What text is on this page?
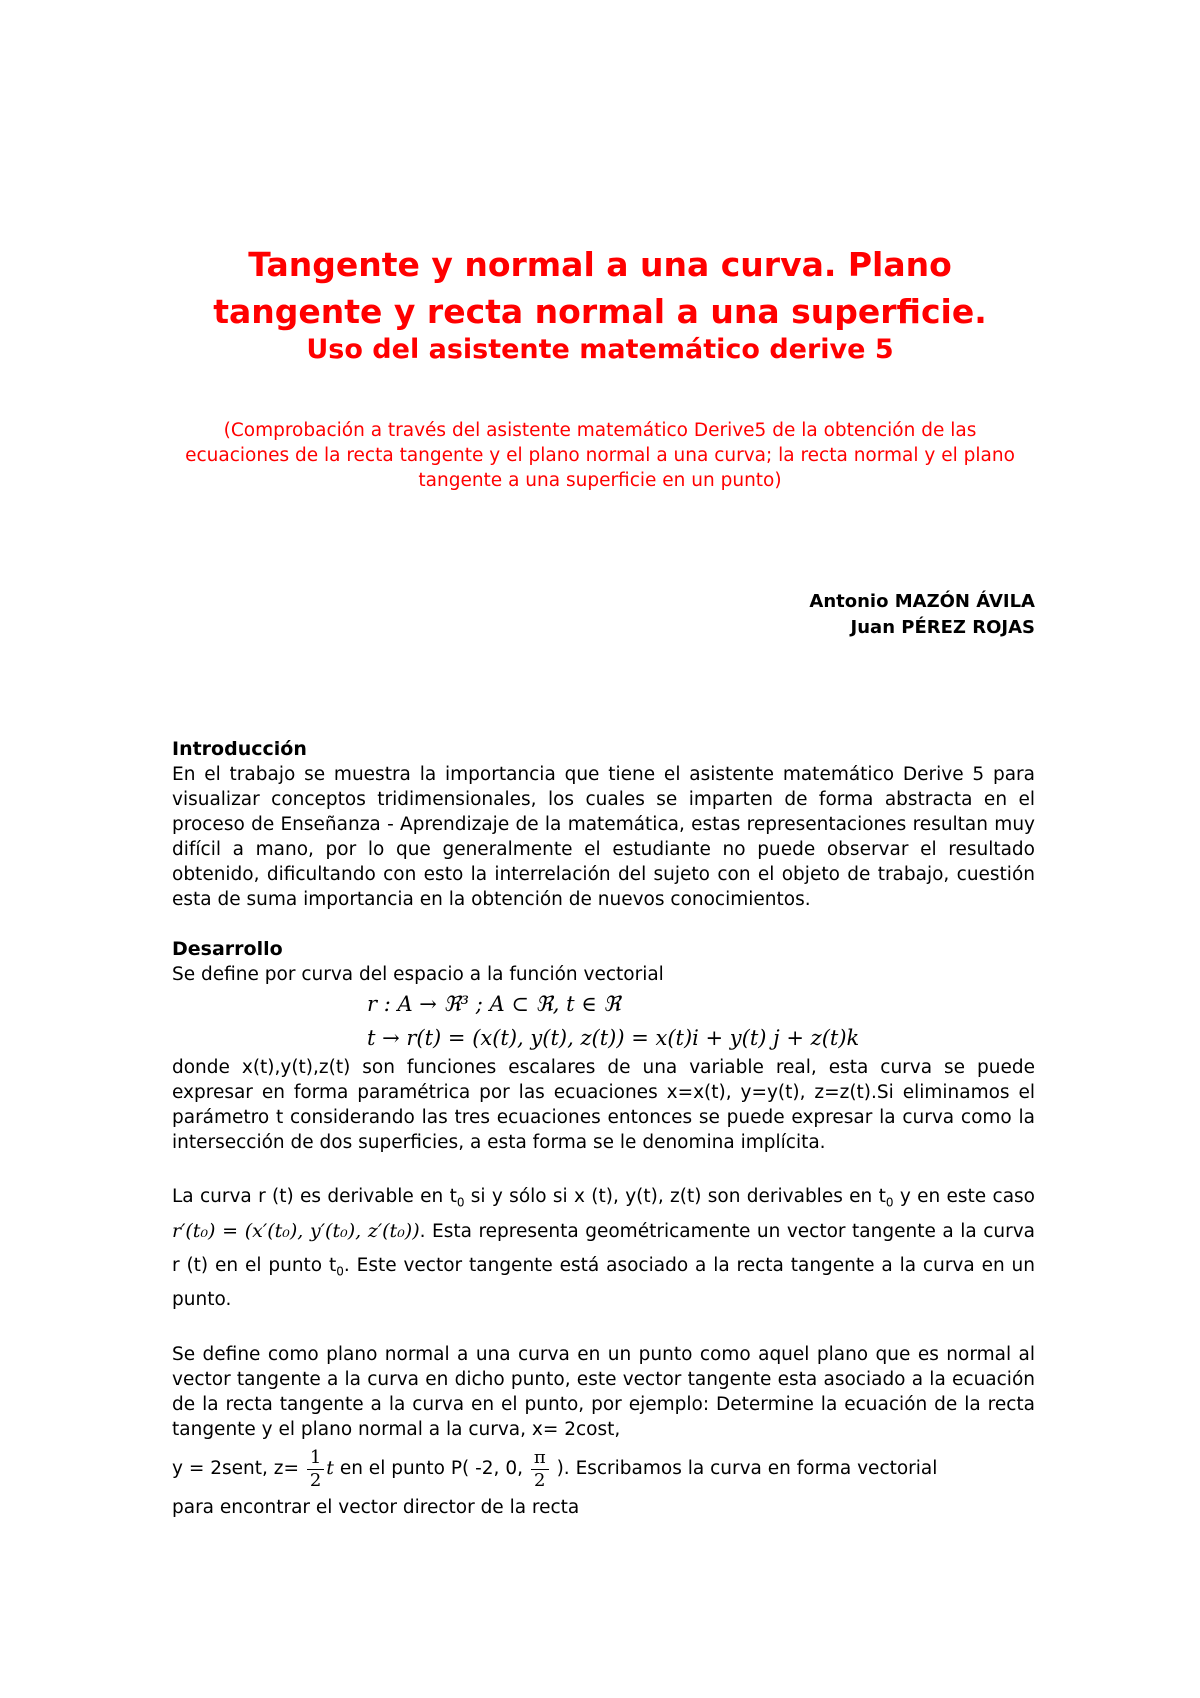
Tangente y normal a una curva. Plano
tangente y recta normal a una superficie.
Uso del asistente matemático derive 5
(Comprobación a través del asistente matemático Derive5 de la obtención de las ecuaciones de la recta tangente y el plano normal a una curva; la recta normal y el plano tangente a una superficie en un punto)
Antonio MAZÓN ÁVILA
Juan PÉREZ ROJAS
Introducción

En el trabajo se muestra la importancia que tiene el asistente matemático Derive 5 para visualizar conceptos tridimensionales, los cuales se imparten de forma abstracta en el proceso de Enseñanza - Aprendizaje de la matemática, estas representaciones resultan muy difícil a mano, por lo que generalmente el estudiante no puede observar el resultado obtenido, dificultando con esto la interrelación del sujeto con el objeto de trabajo, cuestión esta de suma importancia en la obtención de nuevos conocimientos.

Desarrollo

Se define por curva del espacio a la función vectorial

r : A → ℜ³ ; A ⊂ ℜ, t ∈ ℜ
t → r(t) = (x(t), y(t), z(t)) = x(t)i + y(t) j + z(t)k

donde x(t),y(t),z(t) son funciones escalares de una variable real, esta curva se puede expresar en forma paramétrica por las ecuaciones x=x(t), y=y(t), z=z(t).Si eliminamos el parámetro t considerando las tres ecuaciones entonces se puede expresar la curva como la intersección de dos superficies, a esta forma se le denomina implícita.

La curva r (t) es derivable en $t_0$ si y sólo si x (t), y(t), z(t) son derivables en $t_0$ y en este caso r′(t₀) = (x′(t₀), y′(t₀), z′(t₀)). Esta representa geométricamente un vector tangente a la curva r (t) en el punto $t_0$. Este vector tangente está asociado a la recta tangente a la curva en un punto.

Se define como plano normal a una curva en un punto como aquel plano que es normal al vector tangente a la curva en dicho punto, este vector tangente esta asociado a la ecuación de la recta tangente a la curva en el punto, por ejemplo: Determine la ecuación de la recta tangente y el plano normal a la curva, x= 2cost,

y = 2sent, $z= \frac{1}{2}$ t en el punto P( -2, 0, $\frac{\pi}{2}$ ). Escribamos la curva en forma vectorial

para encontrar el vector director de la recta
